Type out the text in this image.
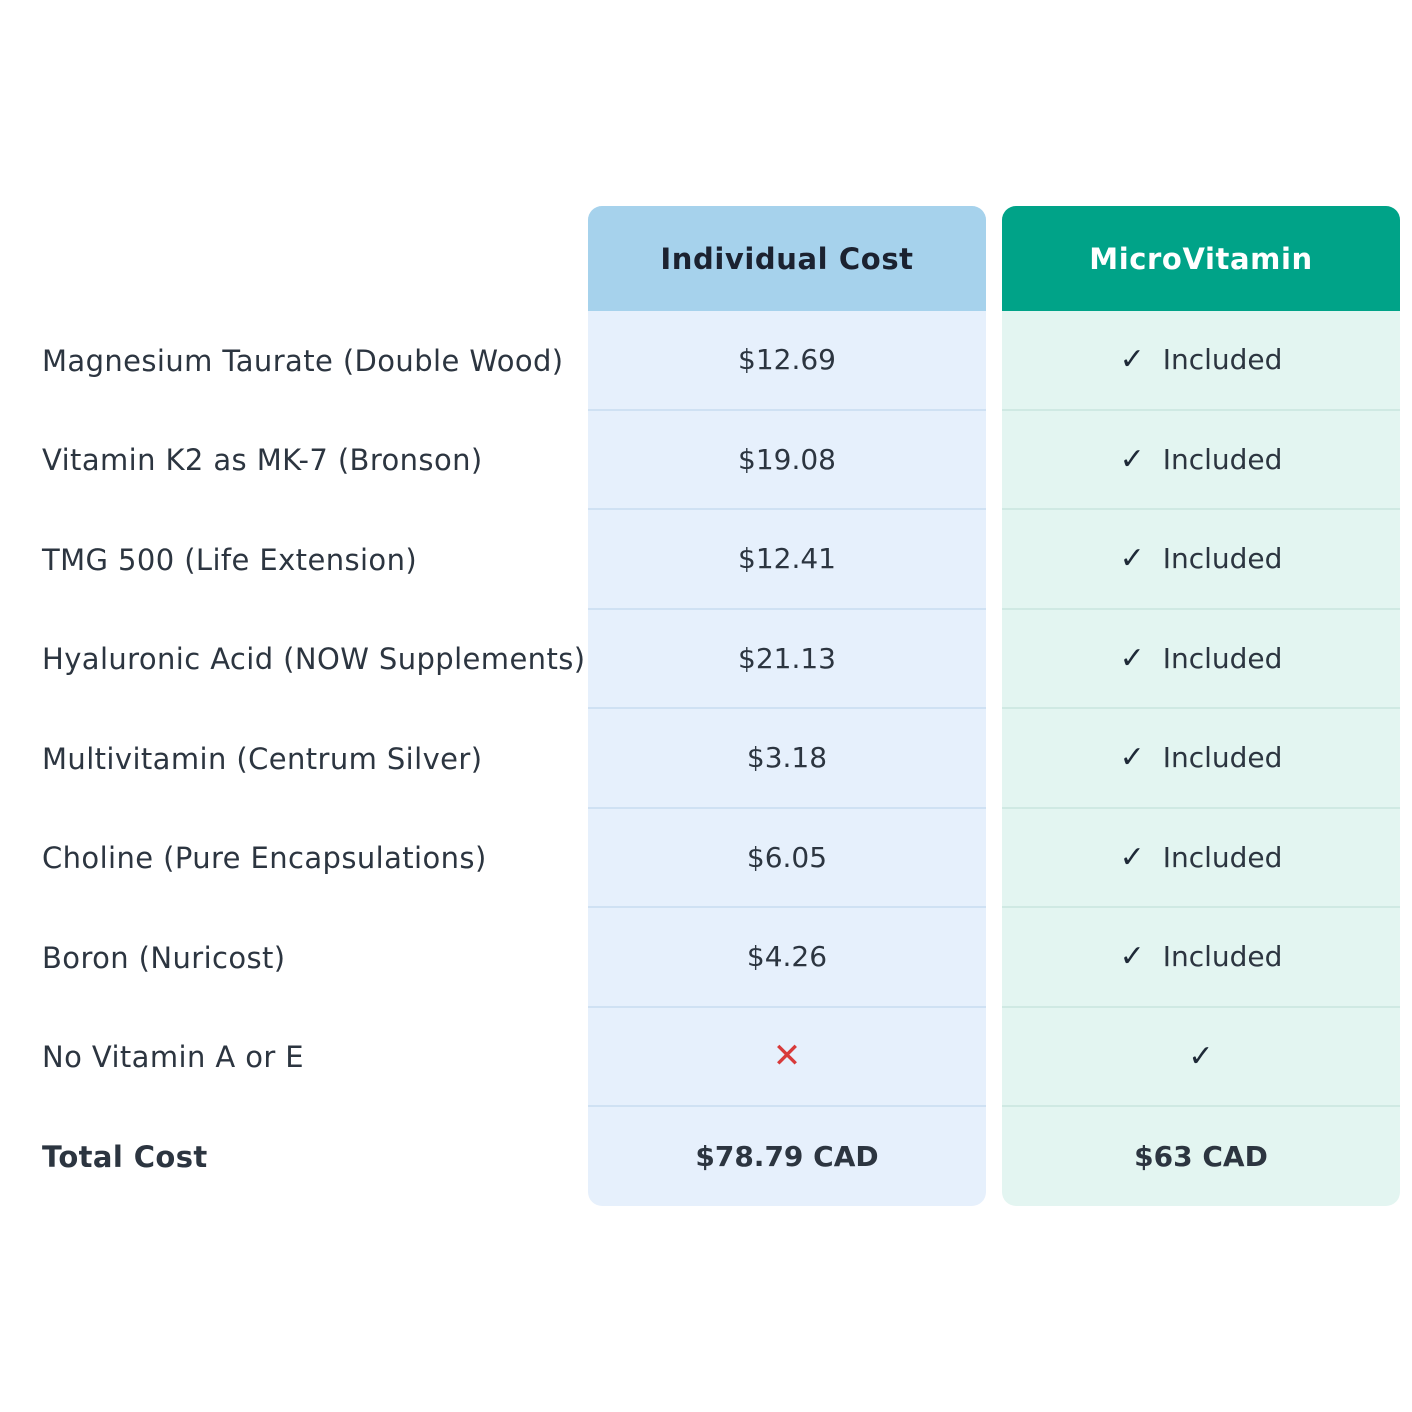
Magnesium Taurate (Double Wood)
Vitamin K2 as MK-7 (Bronson)
TMG 500 (Life Extension)
Hyaluronic Acid (NOW Supplements)
Multivitamin (Centrum Silver)
Choline (Pure Encapsulations)
Boron (Nuricost)
No Vitamin A or E
Total Cost
Individual Cost
$12.69
$19.08
$12.41
$21.13
$3.18
$6.05
$4.26
✕
$78.79 CAD
MicroVitamin
✓ Included
✓ Included
✓ Included
✓ Included
✓ Included
✓ Included
✓ Included
✓
$63 CAD
